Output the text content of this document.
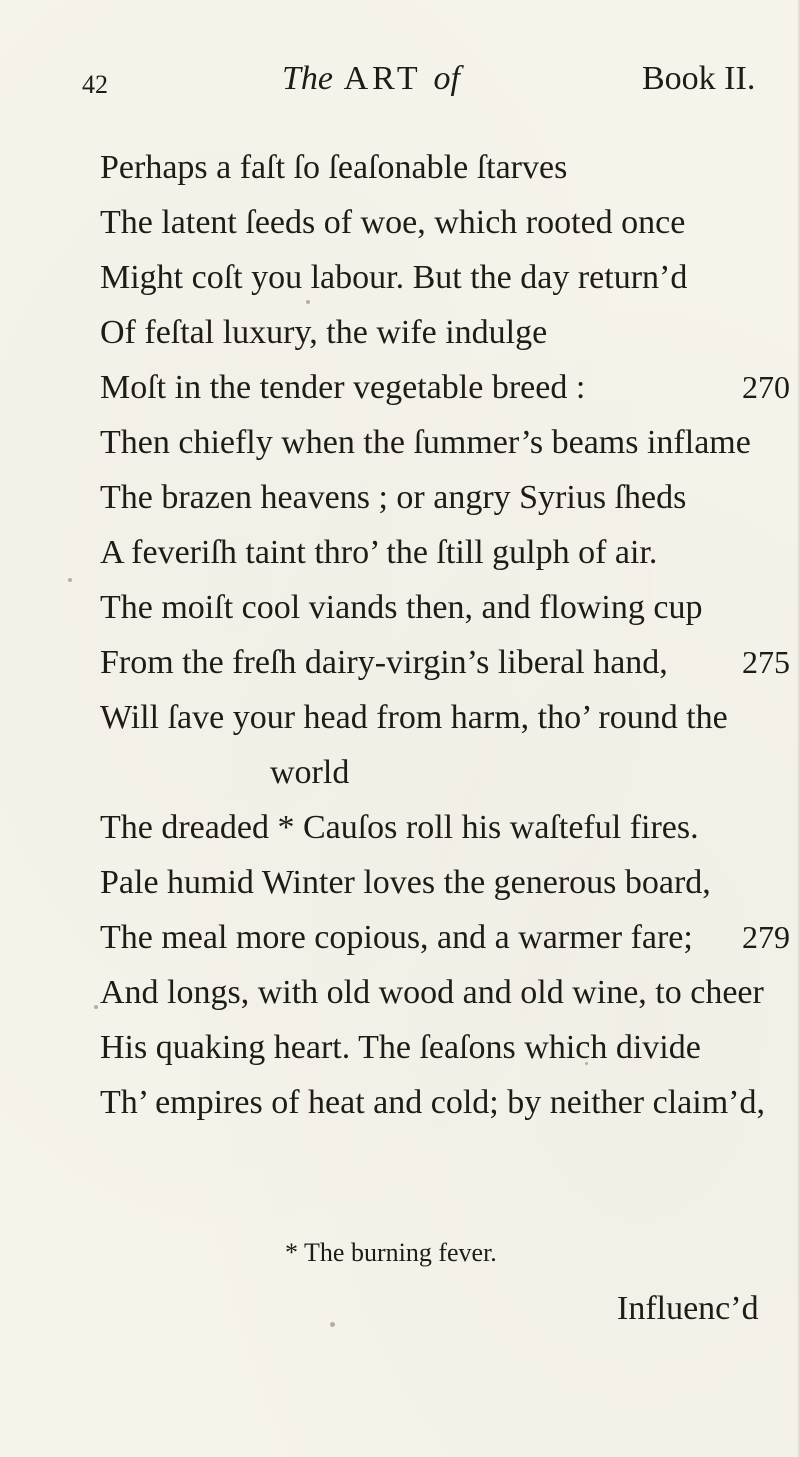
42	The ART of	Book II.
Perhaps a faſt ſo ſeaſonable ſtarves
The latent ſeeds of woe, which rooted once
Might coſt you labour. But the day return’d
Of feſtal luxury, the wife indulge
Moſt in the tender vegetable breed :	270
Then chiefly when the ſummer’s beams inflame
The brazen heavens ; or angry Syrius ſheds
A feveriſh taint thro’ the ſtill gulph of air.
The moiſt cool viands then, and flowing cup
From the freſh dairy-virgin’s liberal hand, 275
Will ſave your head from harm, tho’ round the
world
The dreaded * Cauſos roll his waſteful fires.
Pale humid Winter loves the generous board,
The meal more copious, and a warmer fare; 279
And longs, with old wood and old wine, to cheer
His quaking heart. The ſeaſons which divide
Th’ empires of heat and cold; by neither claim’d,
* The burning fever.
Influenc’d
